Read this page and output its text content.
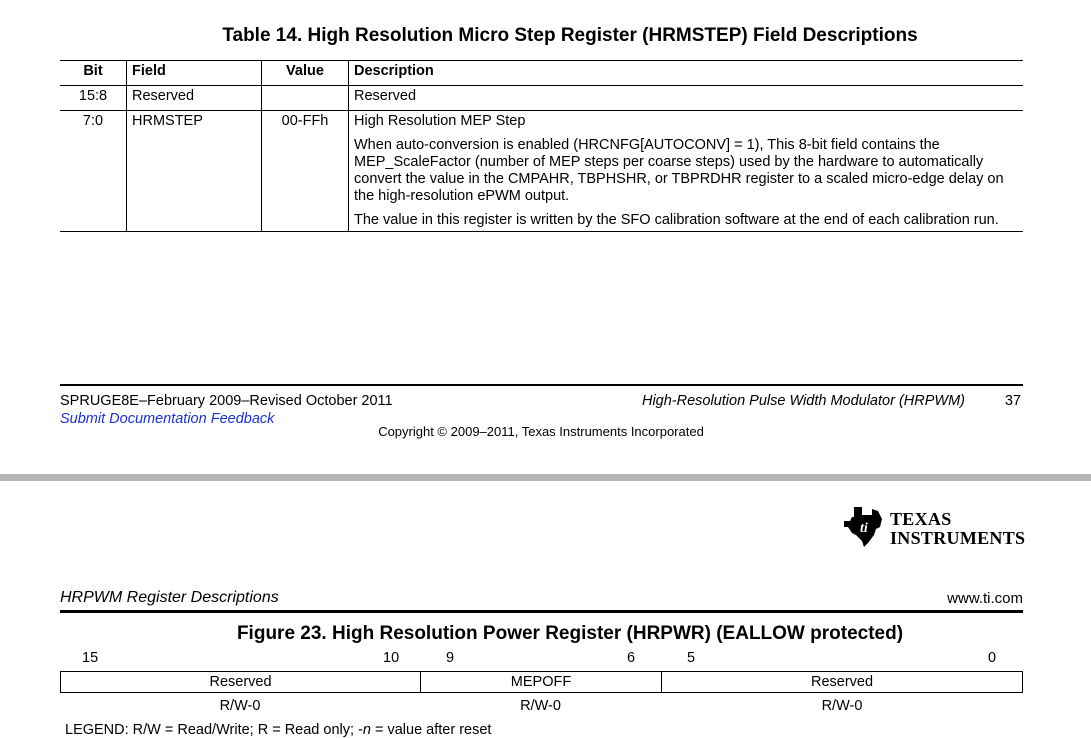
Table 14. High Resolution Micro Step Register (HRMSTEP) Field Descriptions
Bit	Field	Value	Description
15:8	Reserved		Reserved
7:0	HRMSTEP	00-FFh	High Resolution MEP Step

When auto-conversion is enabled (HRCNFG[AUTOCONV] = 1), This 8-bit field contains the MEP_ScaleFactor (number of MEP steps per coarse steps) used by the hardware to automatically convert the value in the CMPAHR, TBPHSHR, or TBPRDHR register to a scaled micro-edge delay on the high-resolution ePWM output.

The value in this register is written by the SFO calibration software at the end of each calibration run.

SPRUGE8E–February 2009–Revised October 2011
Submit Documentation Feedback
High-Resolution Pulse Width Modulator (HRPWM)	37
Copyright © 2009–2011, Texas Instruments Incorporated
ti TEXAS
INSTRUMENTS
HRPWM Register Descriptions	www.ti.com
Figure 23. High Resolution Power Register (HRPWR) (EALLOW protected)
15	10	9	6	5	0
Reserved	MEPOFF	Reserved
R/W-0	R/W-0	R/W-0
LEGEND: R/W = Read/Write; R = Read only; -n = value after reset
